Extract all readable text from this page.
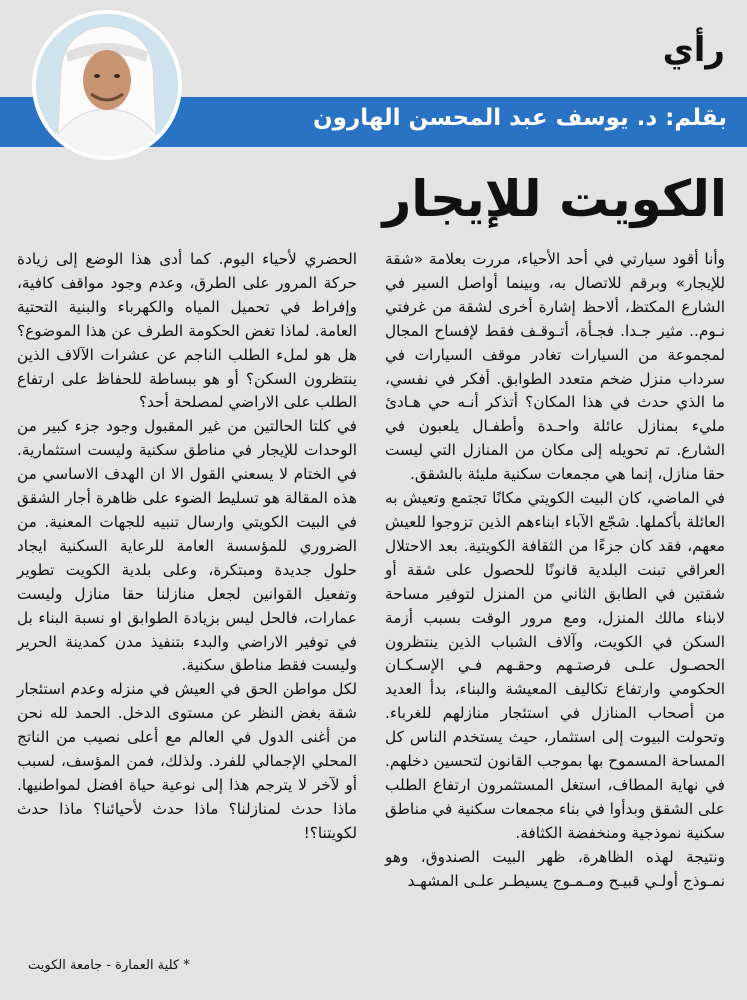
رأي
بقلم: د. يوسف عبد المحسن الهارون
الكويت للإيجار

وأنا أقود سيارتي في أحد الأحياء، مررت بعلامة «شقة للإيجار» وبرقم للاتصال به، وبينما أواصل السير في الشارع المكتظ، ألاحظ إشارة أخرى لشقة من غرفتي نـوم.. مثير جـدا. فجـأة، أتـوقـف فقط لإفساح المجال لمجموعة من السيارات تغادر موقف السيارات في سرداب منزل ضخم متعدد الطوابق. أفكر في نفسي، ما الذي حدث في هذا المكان؟ أتذكر أنـه حي هـادئ مليء بمنازل عائلة واحـدة وأطفـال يلعبون في الشارع. تم تحويله إلى مكان من المنازل التي ليست حقا منازل، إنما هي مجمعات سكنية مليئة بالشقق.

في الماضي، كان البيت الكويتي مكانًا تجتمع وتعيش به العائلة بأكملها. شجّع الآباء ابناءهم الذين تزوجوا للعيش معهم، فقد كان جزءًا من الثقافة الكويتية. بعد الاحتلال العراقي تبنت البلدية قانونًا للحصول على شقة أو شقتين في الطابق الثاني من المنزل لتوفير مساحة لابناء مالك المنزل، ومع مرور الوقت بسبب أزمة السكن في الكويت، وآلاف الشباب الذين ينتظرون الحصـول علـى فرصتـهم وحقـهم فـي الإسـكـان الحكومي وارتفاع تكاليف المعيشة والبناء، بدأ العديد من أصحاب المنازل في استئجار منازلهم للغرباء. وتحولت البيوت إلى استثمار، حيث يستخدم الناس كل المساحة المسموح بها بموجب القانون لتحسين دخلهم. في نهاية المطاف، استغل المستثمرون ارتفاع الطلب على الشقق وبدأوا في بناء مجمعات سكنية في مناطق سكنية نموذجية ومنخفضة الكثافة.

ونتيجة لهذه الظاهرة، ظهر البيت الصندوق، وهو نمـوذج أولـي قبيـح ومـمـوج يسيطـر علـى المشهـد

الحضري لأحياء اليوم. كما أدى هذا الوضع إلى زيادة حركة المرور على الطرق، وعدم وجود مواقف كافية، وإفراط في تحميل المياه والكهرباء والبنية التحتية العامة. لماذا تغض الحكومة الطرف عن هذا الموضوع؟ هل هو لملء الطلب الناجم عن عشرات الآلاف الذين ينتظرون السكن؟ أو هو ببساطة للحفاظ على ارتفاع الطلب على الاراضي لمصلحة أحد؟

في كلتا الحالتين من غير المقبول وجود جزء كبير من الوحدات للإيجار في مناطق سكنية وليست استثمارية. في الختام لا يسعني القول الا ان الهدف الاساسي من هذه المقالة هو تسليط الضوء على ظاهرة أجار الشقق في البيت الكويتي وارسال تنبيه للجهات المعنية. من الضروري للمؤسسة العامة للرعاية السكنية ايجاد حلول جديدة ومبتكرة، وعلى بلدية الكويت تطوير وتفعيل القوانين لجعل منازلنا حقا منازل وليست عمارات، فالحل ليس بزيادة الطوابق او نسبة البناء بل في توفير الاراضي والبدء بتنفيذ مدن كمدينة الحرير وليست فقط مناطق سكنية.

لكل مواطن الحق في العيش في منزله وعدم استئجار شقة بغض النظر عن مستوى الدخل. الحمد لله نحن من أغنى الدول في العالم مع أعلى نصيب من الناتج المحلي الإجمالي للفرد. ولذلك، فمن المؤسف، لسبب أو لآخر لا يترجم هذا إلى نوعية حياة افضل لمواطنيها. ماذا حدث لمنازلنا؟ ماذا حدث لأحيائنا؟ ماذا حدث لكويتنا؟!

* كلية العمارة - جامعة الكويت
